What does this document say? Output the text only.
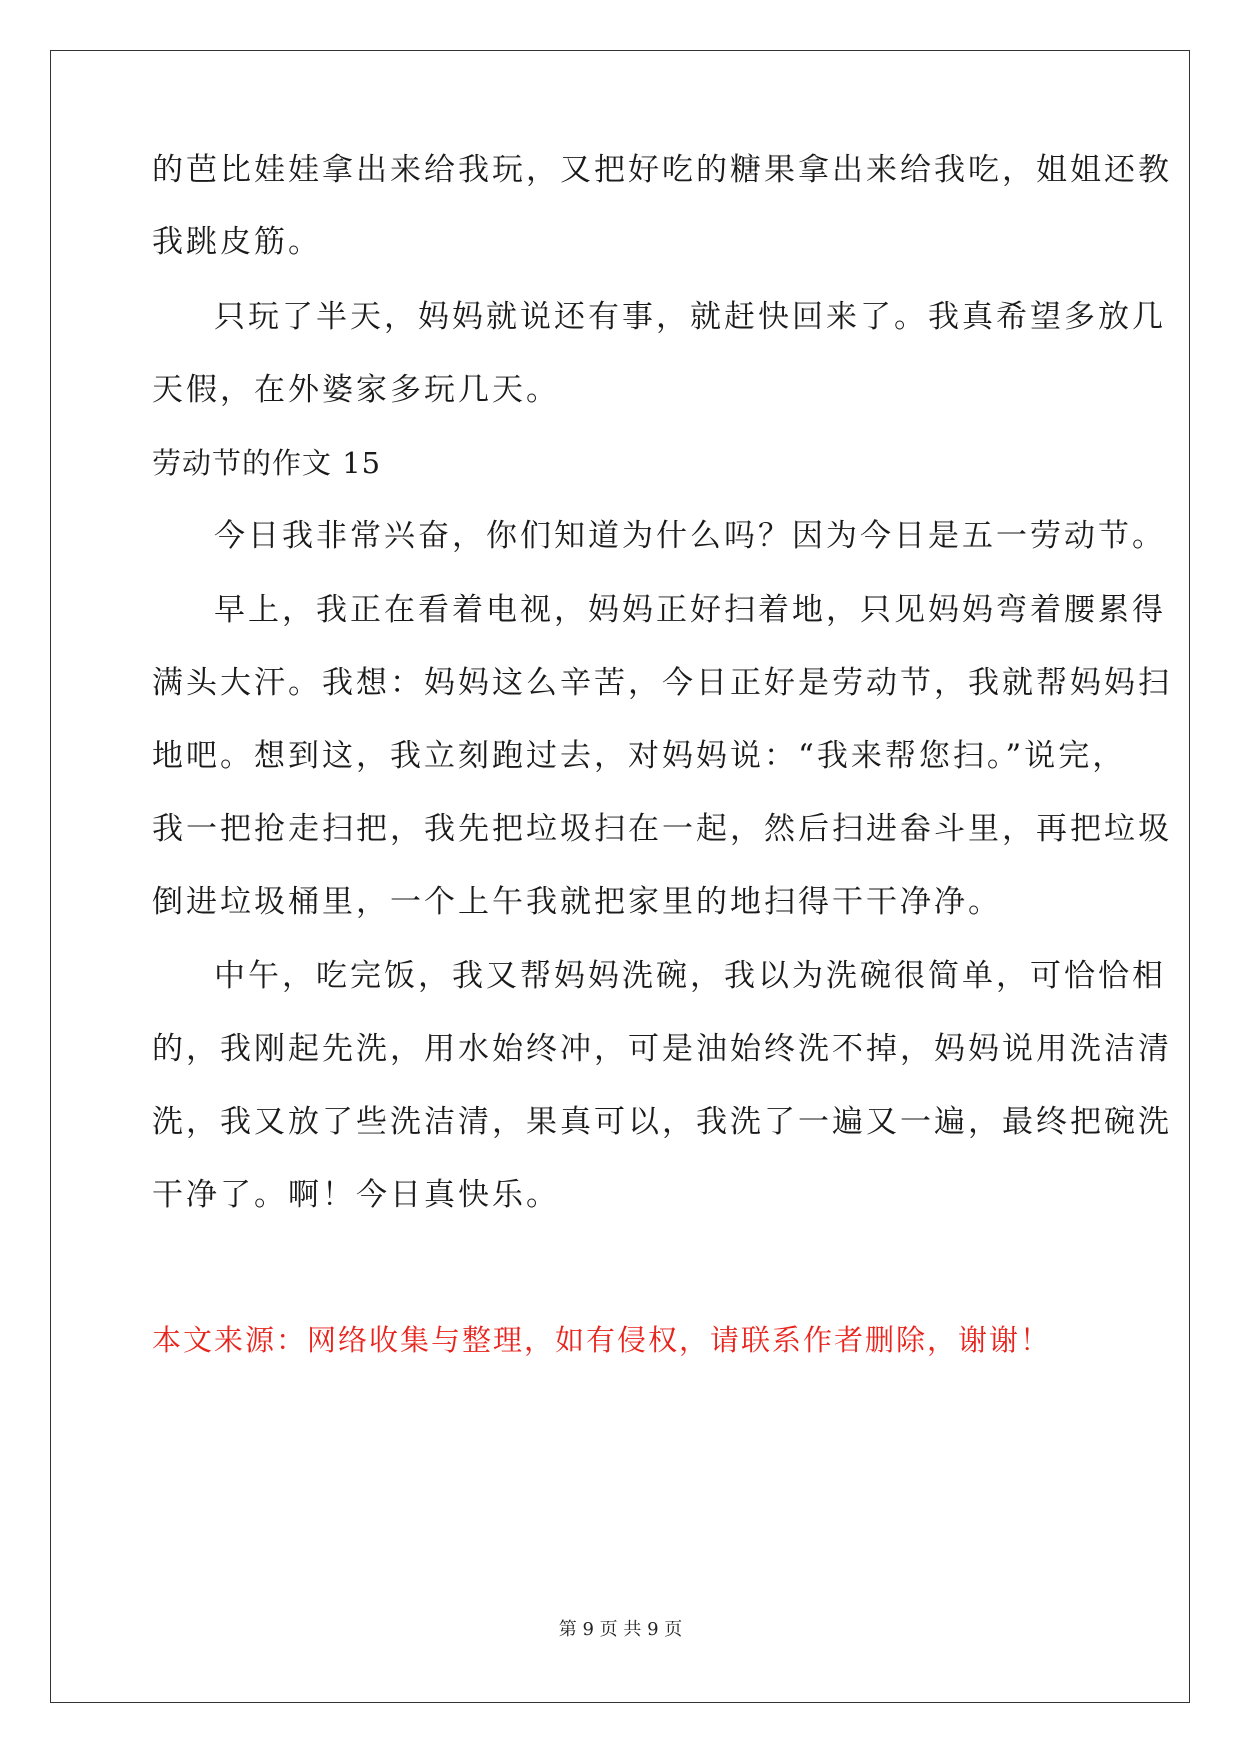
的芭比娃娃拿出来给我玩，又把好吃的糖果拿出来给我吃，姐姐还教
我跳皮筋。
只玩了半天，妈妈就说还有事，就赶快回来了。我真希望多放几
天假，在外婆家多玩几天。
劳动节的作文 15
今日我非常兴奋，你们知道为什么吗？因为今日是五一劳动节。
早上，我正在看着电视，妈妈正好扫着地，只见妈妈弯着腰累得
满头大汗。我想：妈妈这么辛苦，今日正好是劳动节，我就帮妈妈扫
地吧。想到这，我立刻跑过去，对妈妈说：“我来帮您扫。”说完，
我一把抢走扫把，我先把垃圾扫在一起，然后扫进畚斗里，再把垃圾
倒进垃圾桶里，一个上午我就把家里的地扫得干干净净。
中午，吃完饭，我又帮妈妈洗碗，我以为洗碗很简单，可恰恰相
的，我刚起先洗，用水始终冲，可是油始终洗不掉，妈妈说用洗洁清
洗，我又放了些洗洁清，果真可以，我洗了一遍又一遍，最终把碗洗
干净了。啊！今日真快乐。
本文来源：网络收集与整理，如有侵权，请联系作者删除，谢谢！
第 9 页 共 9 页
